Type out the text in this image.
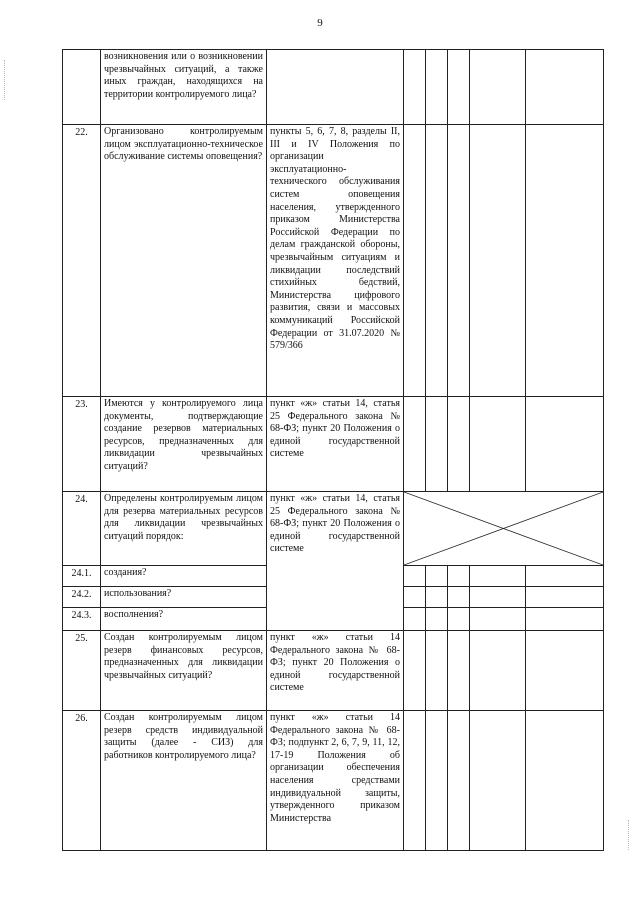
9
	возникновения или о возникновении чрезвычайных ситуаций, а также иных граждан, находящихся на территории контролируемого лица?						
22.	Организовано контролируемым лицом эксплуатационно-техническое обслуживание системы оповещения?	пункты 5, 6, 7, 8, разделы II, III и IV Положения по организации эксплуатационно-технического обслуживания систем оповещения населения, утвержденного приказом Министерства Российской Федерации по делам гражданской обороны, чрезвычайным ситуациям и ликвидации последствий стихийных бедствий, Министерства цифрового развития, связи и массовых коммуникаций Российской Федерации от 31.07.2020 № 579/366					
23.	Имеются у контролируемого лица документы, подтверждающие создание резервов материальных ресурсов, предназначенных для ликвидации чрезвычайных ситуаций?	пункт «ж» статьи 14, статья 25 Федерального закона № 68-ФЗ; пункт 20 Положения о единой государственной системе					
24.	Определены контролируемым лицом для резерва материальных ресурсов для ликвидации чрезвычайных ситуаций порядок:	пункт «ж» статьи 14, статья 25 Федерального закона № 68-ФЗ; пункт 20 Положения о единой государственной системе	

24.1.	создания?						
24.2.	использования?						
24.3.	восполнения?						
25.	Создан контролируемым лицом резерв финансовых ресурсов, предназначенных для ликвидации чрезвычайных ситуаций?	пункт «ж» статьи 14 Федерального закона № 68-ФЗ; пункт 20 Положения о единой государственной системе					
26.	Создан контролируемым лицом резерв средств индивидуальной защиты (далее - СИЗ) для работников контролируемого лица?	пункт «ж» статьи 14 Федерального закона № 68-ФЗ; подпункт 2, 6, 7, 9, 11, 12, 17-19 Положения об организации обеспечения населения средствами индивидуальной защиты, утвержденного приказом Министерства					
